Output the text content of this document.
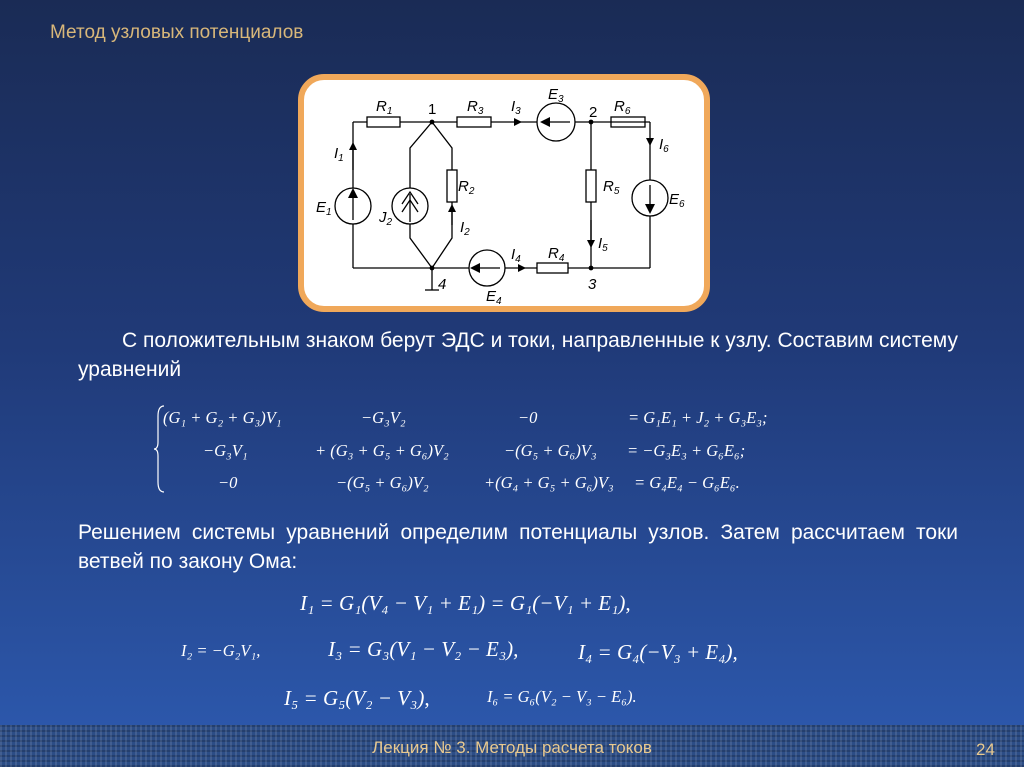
Метод узловых потенциалов
$R_1$ 1 $R_3$ $I_3$
$E_3$
2 $R_6$
$I_6$
$I_1$
$R_2$	$R_5$	$E_6$
$E_1$	$J_2$	$I_2$
$I_5$
$I_4$ $R_4$
4	3
$E_4$
С положительным знаком берут ЭДС и токи, направленные к узлу. Составим систему уравнений
(G₁ + G₂ + G₃)V₁	−G₃V₂	−0	= G₁E₁ + J₂ + G₃E₃;
−G₃V₁	+ (G₃ + G₅ + G₆)V₂	−(G₅ + G₆)V₃ = −G₃E₃ + G₆E₆;
−0	−(G₅ + G₆)V₂	+(G₄ + G₅ + G₆)V₃ = G₄E₄ − G₆E₆.
Решением системы уравнений определим потенциалы узлов. Затем рассчитаем токи ветвей по закону Ома:
I₁ = G₁(V₄ − V₁ + E₁) = G₁(−V₁ + E₁),
I₂ = −G₂V₁,	I₃ = G₃(V₁ − V₂ − E₃),	I₄ = G₄(−V₃ + E₄),
I₅ = G₅(V₂ − V₃),	I₆ = G₆(V₂ − V₃ − E₆).
Лекция № 3. Методы расчета токов	24
